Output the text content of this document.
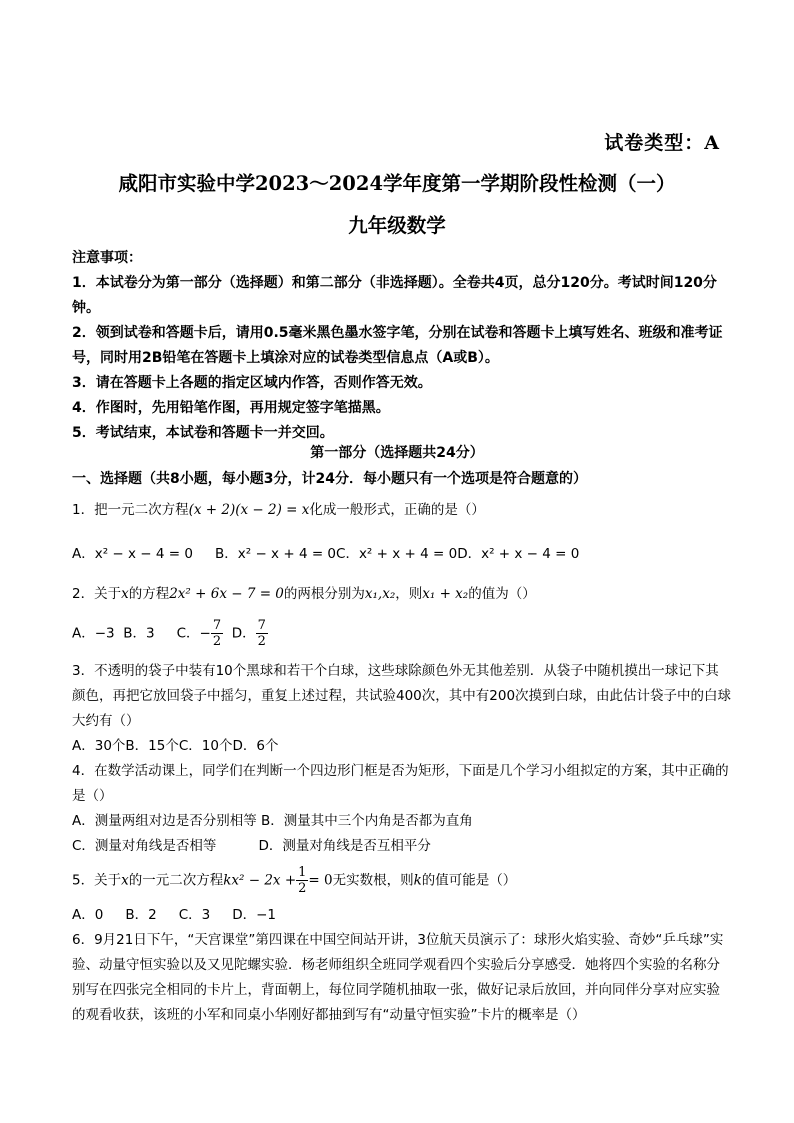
试卷类型：A
咸阳市实验中学2023～2024学年度第一学期阶段性检测（一）
九年级数学

注意事项：

1．本试卷分为第一部分（选择题）和第二部分（非选择题）。全卷共4页，总分120分。考试时间120分钟。

2．领到试卷和答题卡后，请用0.5毫米黑色墨水签字笔，分别在试卷和答题卡上填写姓名、班级和准考证号，同时用2B铅笔在答题卡上填涂对应的试卷类型信息点（A或B）。

3．请在答题卡上各题的指定区域内作答，否则作答无效。

4．作图时，先用铅笔作图，再用规定签字笔描黑。

5．考试结束，本试卷和答题卡一并交回。

第一部分（选择题共24分）
一、选择题（共8小题，每小题3分，计24分．每小题只有一个选项是符合题意的）

1．把一元二次方程(x + 2)(x − 2) = x化成一般形式，正确的是（）

A．x² − x − 4 = 0 B．x² − x + 4 = 0C．x² + x + 4 = 0D．x² + x − 4 = 0

2．关于x的方程2x² + 6x − 7 = 0的两根分别为x₁,x₂，则x₁ + x₂的值为（）

A．−3 B．3 C．− $\frac{7}{2}$ D． $\frac{7}{2}$

3．不透明的袋子中装有10个黑球和若干个白球，这些球除颜色外无其他差别．从袋子中随机摸出一球记下其颜色，再把它放回袋子中摇匀，重复上述过程，共试验400次，其中有200次摸到白球，由此估计袋子中的白球大约有（）

A．30个B．15个C．10个D．6个

4．在数学活动课上，同学们在判断一个四边形门框是否为矩形，下面是几个学习小组拟定的方案，其中正确的是（）

A．测量两组对边是否分别相等 B．测量其中三个内角是否都为直角

C．测量对角线是否相等	D．测量对角线是否互相平分

5．关于x的一元二次方程$kx^2 - 2x + \frac{1}{2} = 0$无实数根，则k的值可能是（）

A．0 B．2 C．3 D．−1

6．9月21日下午，“天宫课堂”第四课在中国空间站开讲，3位航天员演示了：球形火焰实验、奇妙“乒乓球”实验、动量守恒实验以及又见陀螺实验．杨老师组织全班同学观看四个实验后分享感受．她将四个实验的名称分别写在四张完全相同的卡片上，背面朝上，每位同学随机抽取一张，做好记录后放回，并向同伴分享对应实验的观看收获，该班的小军和同桌小华刚好都抽到写有“动量守恒实验”卡片的概率是（）
